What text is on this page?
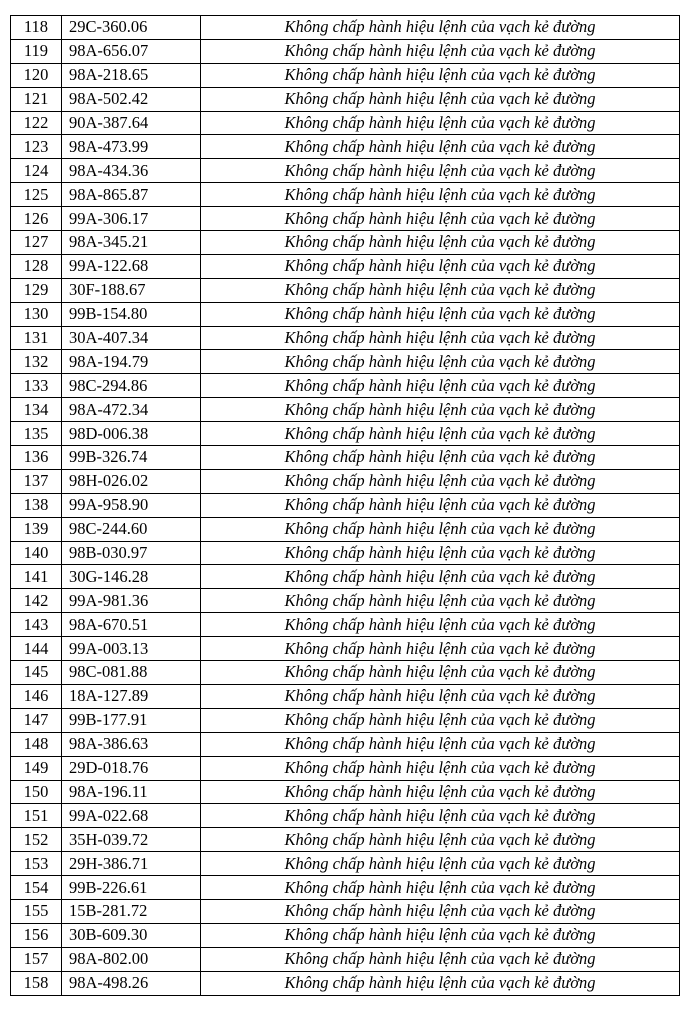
118	29C-360.06	Không chấp hành hiệu lệnh của vạch kẻ đường
119	98A-656.07	Không chấp hành hiệu lệnh của vạch kẻ đường
120	98A-218.65	Không chấp hành hiệu lệnh của vạch kẻ đường
121	98A-502.42	Không chấp hành hiệu lệnh của vạch kẻ đường
122	90A-387.64	Không chấp hành hiệu lệnh của vạch kẻ đường
123	98A-473.99	Không chấp hành hiệu lệnh của vạch kẻ đường
124	98A-434.36	Không chấp hành hiệu lệnh của vạch kẻ đường
125	98A-865.87	Không chấp hành hiệu lệnh của vạch kẻ đường
126	99A-306.17	Không chấp hành hiệu lệnh của vạch kẻ đường
127	98A-345.21	Không chấp hành hiệu lệnh của vạch kẻ đường
128	99A-122.68	Không chấp hành hiệu lệnh của vạch kẻ đường
129	30F-188.67	Không chấp hành hiệu lệnh của vạch kẻ đường
130	99B-154.80	Không chấp hành hiệu lệnh của vạch kẻ đường
131	30A-407.34	Không chấp hành hiệu lệnh của vạch kẻ đường
132	98A-194.79	Không chấp hành hiệu lệnh của vạch kẻ đường
133	98C-294.86	Không chấp hành hiệu lệnh của vạch kẻ đường
134	98A-472.34	Không chấp hành hiệu lệnh của vạch kẻ đường
135	98D-006.38	Không chấp hành hiệu lệnh của vạch kẻ đường
136	99B-326.74	Không chấp hành hiệu lệnh của vạch kẻ đường
137	98H-026.02	Không chấp hành hiệu lệnh của vạch kẻ đường
138	99A-958.90	Không chấp hành hiệu lệnh của vạch kẻ đường
139	98C-244.60	Không chấp hành hiệu lệnh của vạch kẻ đường
140	98B-030.97	Không chấp hành hiệu lệnh của vạch kẻ đường
141	30G-146.28	Không chấp hành hiệu lệnh của vạch kẻ đường
142	99A-981.36	Không chấp hành hiệu lệnh của vạch kẻ đường
143	98A-670.51	Không chấp hành hiệu lệnh của vạch kẻ đường
144	99A-003.13	Không chấp hành hiệu lệnh của vạch kẻ đường
145	98C-081.88	Không chấp hành hiệu lệnh của vạch kẻ đường
146	18A-127.89	Không chấp hành hiệu lệnh của vạch kẻ đường
147	99B-177.91	Không chấp hành hiệu lệnh của vạch kẻ đường
148	98A-386.63	Không chấp hành hiệu lệnh của vạch kẻ đường
149	29D-018.76	Không chấp hành hiệu lệnh của vạch kẻ đường
150	98A-196.11	Không chấp hành hiệu lệnh của vạch kẻ đường
151	99A-022.68	Không chấp hành hiệu lệnh của vạch kẻ đường
152	35H-039.72	Không chấp hành hiệu lệnh của vạch kẻ đường
153	29H-386.71	Không chấp hành hiệu lệnh của vạch kẻ đường
154	99B-226.61	Không chấp hành hiệu lệnh của vạch kẻ đường
155	15B-281.72	Không chấp hành hiệu lệnh của vạch kẻ đường
156	30B-609.30	Không chấp hành hiệu lệnh của vạch kẻ đường
157	98A-802.00	Không chấp hành hiệu lệnh của vạch kẻ đường
158	98A-498.26	Không chấp hành hiệu lệnh của vạch kẻ đường
